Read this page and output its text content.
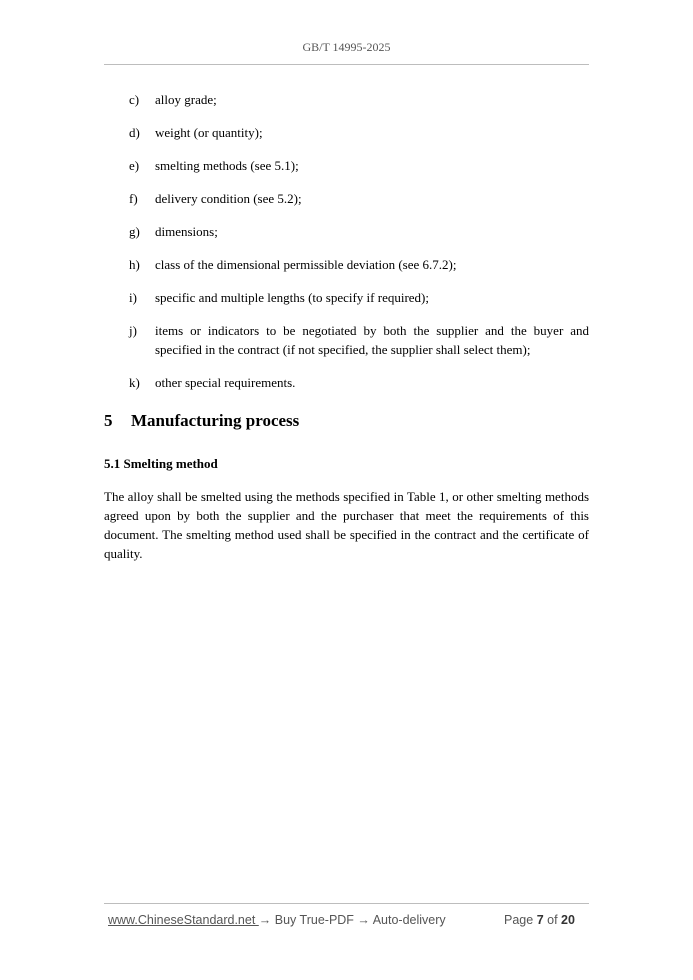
GB/T 14995-2025
c) alloy grade;
d) weight (or quantity);
e) smelting methods (see 5.1);
f) delivery condition (see 5.2);
g) dimensions;
h) class of the dimensional permissible deviation (see 6.7.2);
i) specific and multiple lengths (to specify if required);
j) items or indicators to be negotiated by both the supplier and the buyer and specified in the contract (if not specified, the supplier shall select them);
k) other special requirements.
5 Manufacturing process
5.1 Smelting method

The alloy shall be smelted using the methods specified in Table 1, or other smelting methods agreed upon by both the supplier and the purchaser that meet the requirements of this document. The smelting method used shall be specified in the contract and the certificate of quality.

www.ChineseStandard.net → Buy True-PDF → Auto-delivery	Page 7 of 20
